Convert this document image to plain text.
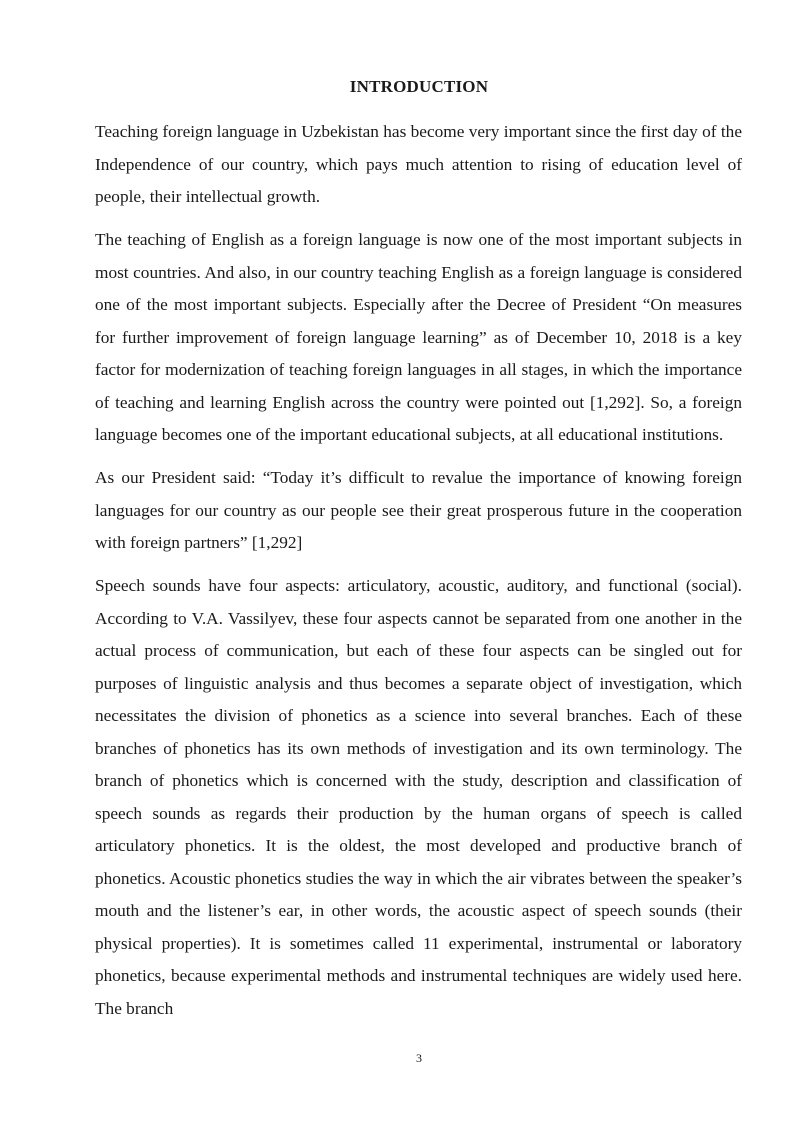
INTRODUCTION

Teaching foreign language in Uzbekistan has become very important since the first day of the Independence of our country, which pays much attention to rising of education level of people, their intellectual growth.

The teaching of English as a foreign language is now one of the most important subjects in most countries. And also, in our country teaching English as a foreign language is considered one of the most important subjects. Especially after the Decree of President “On measures for further improvement of foreign language learning” as of December 10, 2018 is a key factor for modernization of teaching foreign languages in all stages, in which the importance of teaching and learning English across the country were pointed out [1,292]. So, a foreign language becomes one of the important educational subjects, at all educational institutions.

As our President said: “Today it’s difficult to revalue the importance of knowing foreign languages for our country as our people see their great prosperous future in the cooperation with foreign partners” [1,292]

Speech sounds have four aspects: articulatory, acoustic, auditory, and functional (social). According to V.A. Vassilyev, these four aspects cannot be separated from one another in the actual process of communication, but each of these four aspects can be singled out for purposes of linguistic analysis and thus becomes a separate object of investigation, which necessitates the division of phonetics as a science into several branches. Each of these branches of phonetics has its own methods of investigation and its own terminology. The branch of phonetics which is concerned with the study, description and classification of speech sounds as regards their production by the human organs of speech is called articulatory phonetics. It is the oldest, the most developed and productive branch of phonetics. Acoustic phonetics studies the way in which the air vibrates between the speaker’s mouth and the listener’s ear, in other words, the acoustic aspect of speech sounds (their physical properties). It is sometimes called 11 experimental, instrumental or laboratory phonetics, because experimental methods and instrumental techniques are widely used here. The branch

3
